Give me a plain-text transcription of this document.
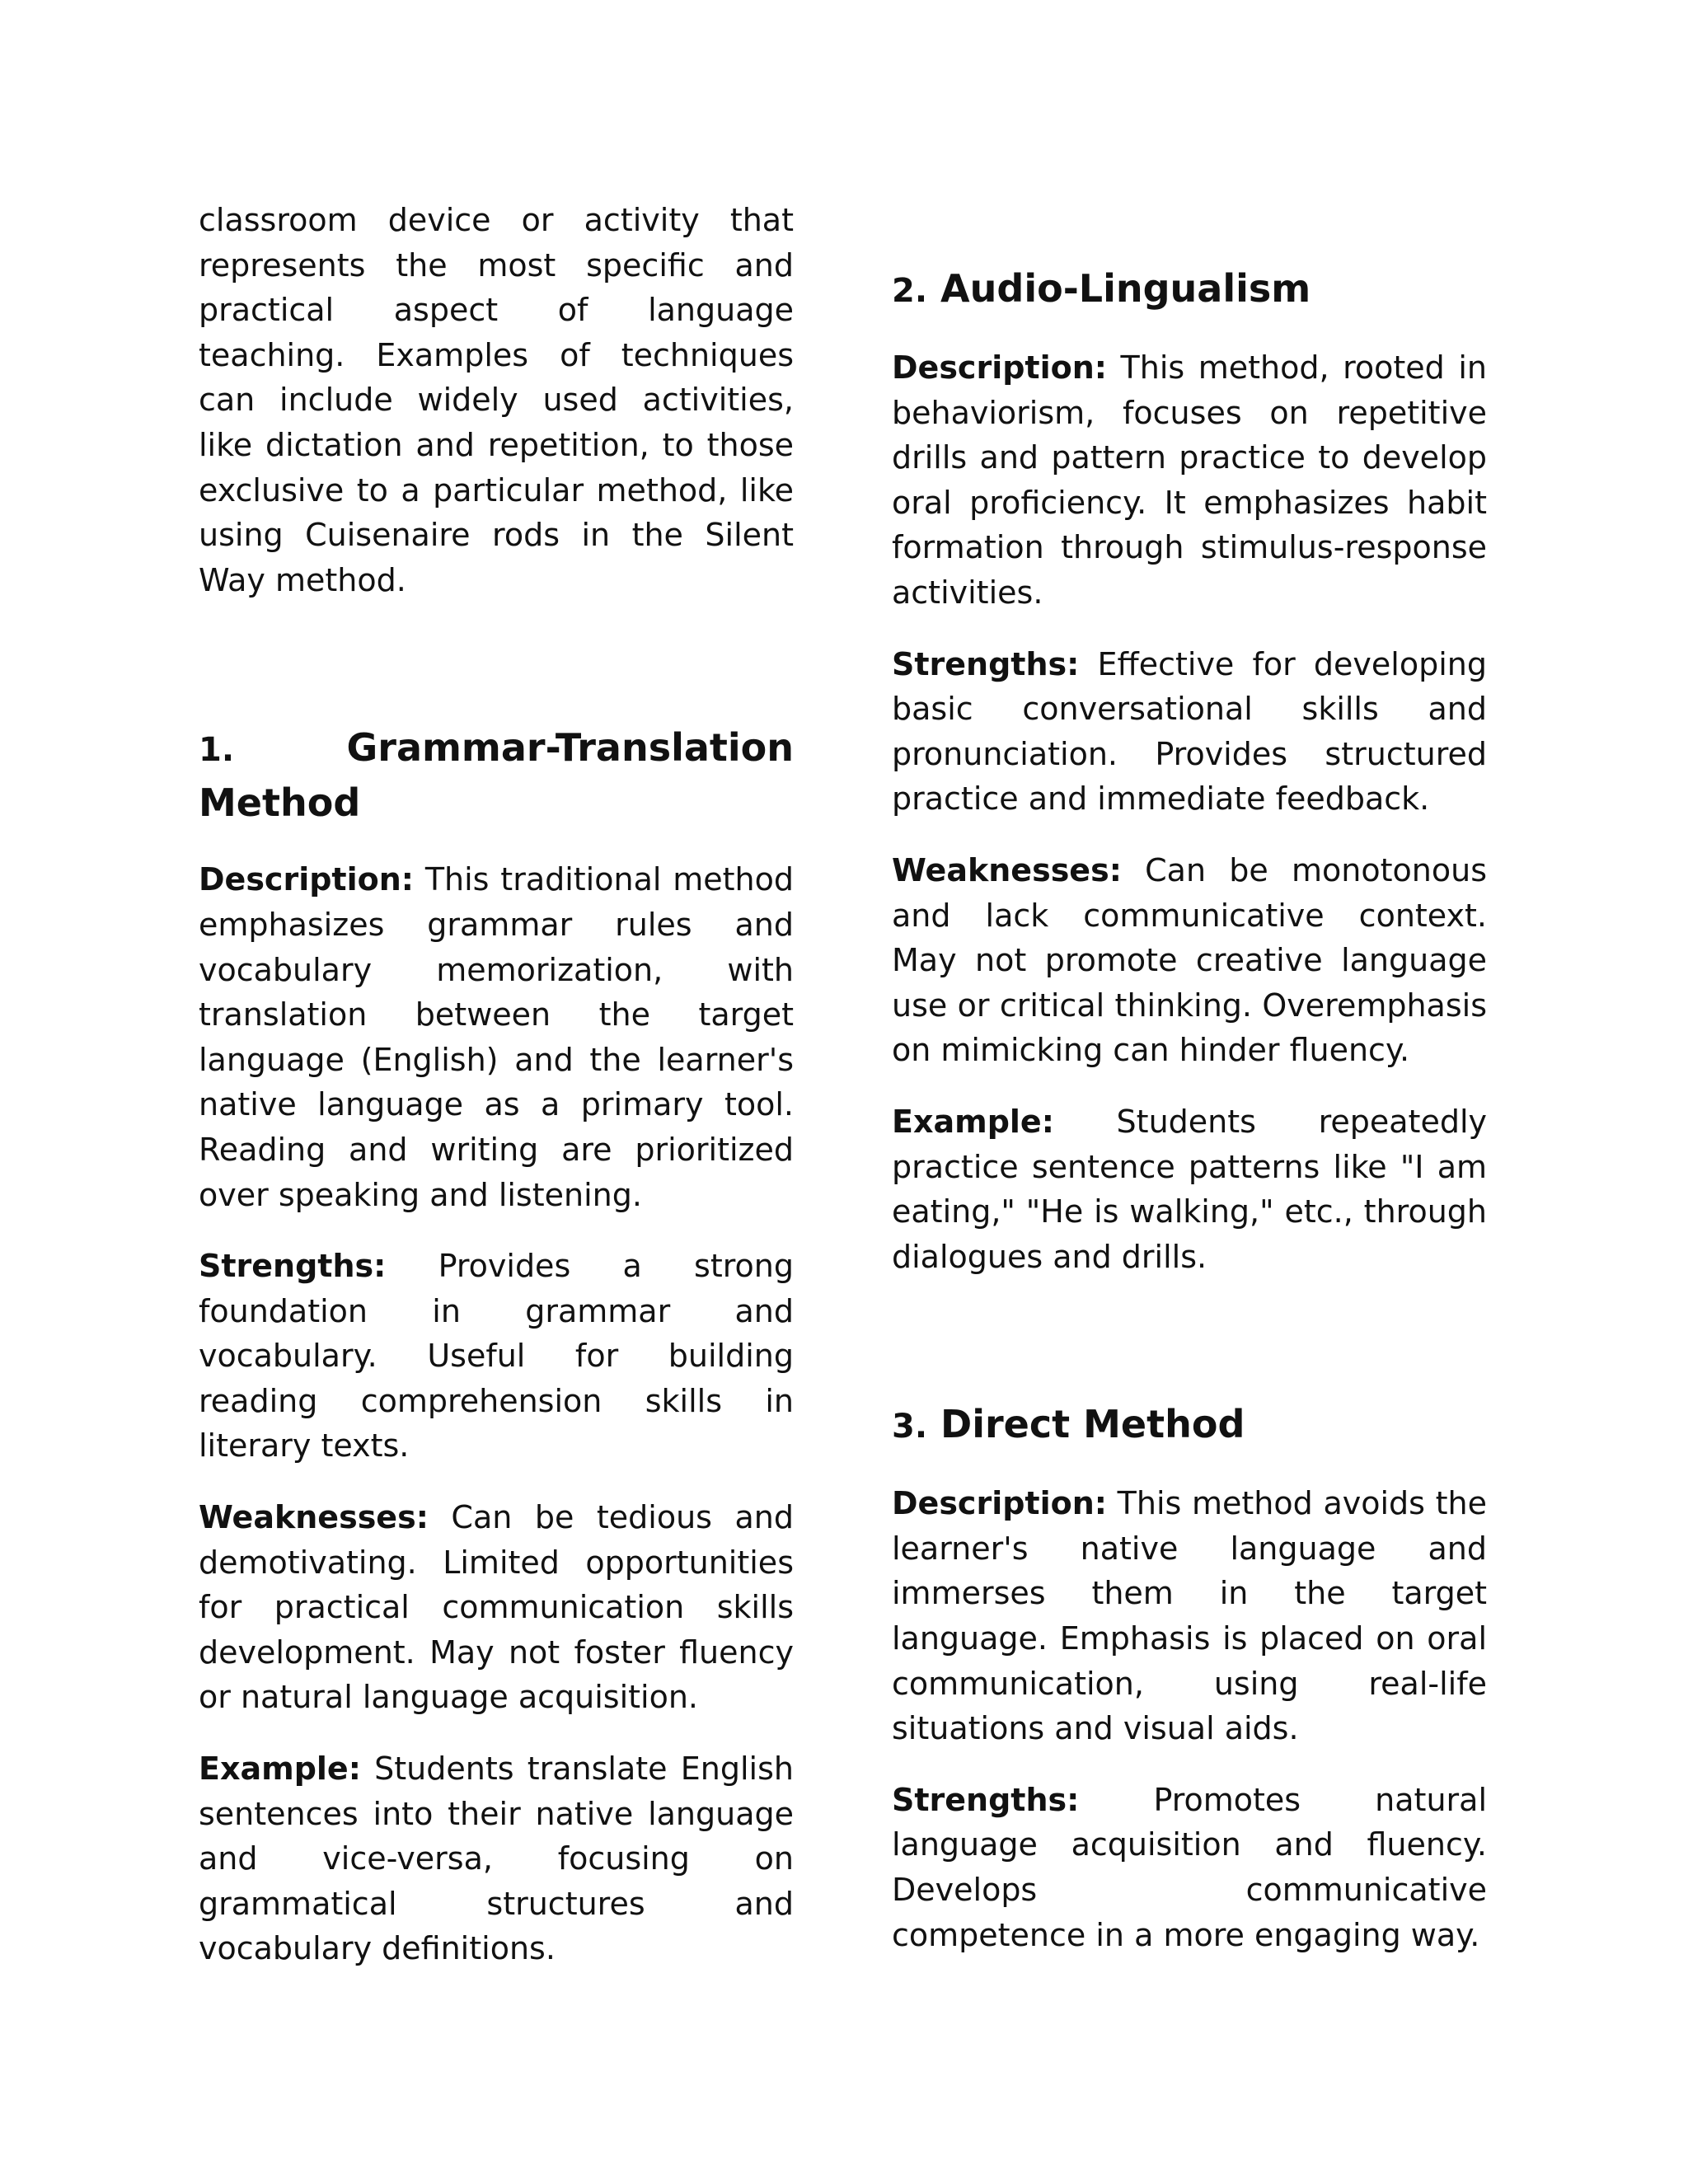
classroom device or activity that represents the most specific and practical aspect of language teaching. Examples of techniques can include widely used activities, like dictation and repetition, to those exclusive to a particular method, like using Cuisenaire rods in the Silent Way method.

1.	Grammar-Translation
Method

Description: This traditional method emphasizes grammar rules and vocabulary memorization, with translation between the target language (English) and the learner's native language as a primary tool. Reading and writing are prioritized over speaking and listening.

Strengths: Provides a strong foundation in grammar and vocabulary. Useful for building reading comprehension skills in literary texts.

Weaknesses: Can be tedious and demotivating. Limited opportunities for practical communication skills development. May not foster fluency or natural language acquisition.

Example: Students translate English sentences into their native language and vice-versa, focusing on grammatical structures and vocabulary definitions.

2. Audio-Lingualism

Description: This method, rooted in behaviorism, focuses on repetitive drills and pattern practice to develop oral proficiency. It emphasizes habit formation through stimulus-response activities.

Strengths: Effective for developing basic conversational skills and pronunciation. Provides structured practice and immediate feedback.

Weaknesses: Can be monotonous and lack communicative context. May not promote creative language use or critical thinking. Overemphasis on mimicking can hinder fluency.

Example: Students repeatedly practice sentence patterns like "I am eating," "He is walking," etc., through dialogues and drills.

3. Direct Method

Description: This method avoids the learner's native language and immerses them in the target language. Emphasis is placed on oral communication, using real-life situations and visual aids.

Strengths: Promotes natural language acquisition and fluency. Develops communicative competence in a more engaging way.
